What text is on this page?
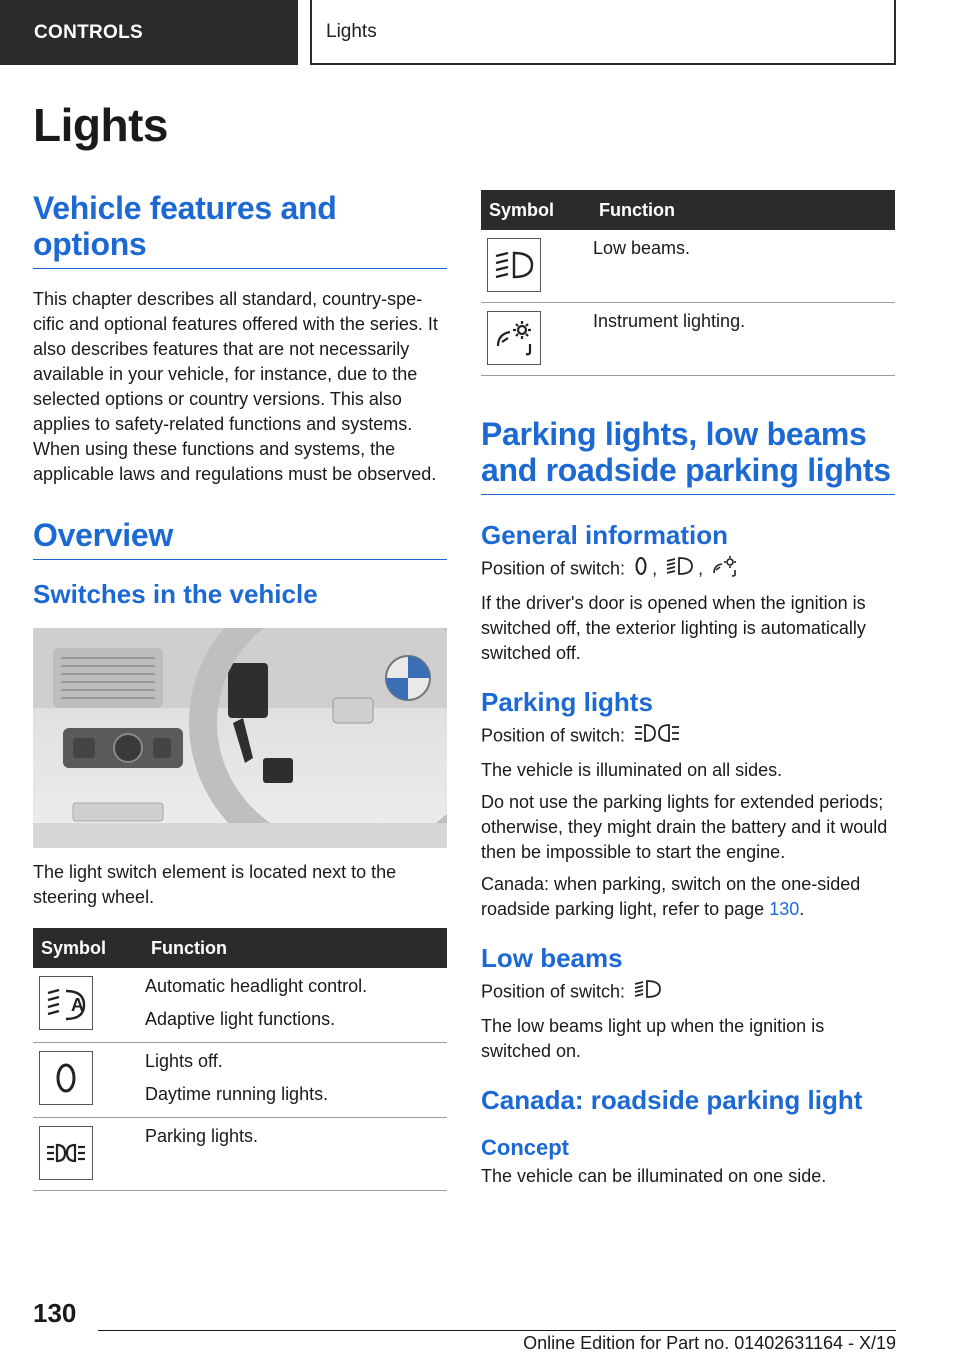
CONTROLS	Lights
Lights
Vehicle features and options

This chapter describes all standard, country-specific and optional features offered with the series. It also describes features that are not necessarily available in your vehicle, for instance, due to the selected options or country versions. This also applies to safety-related functions and systems. When using these functions and systems, the applicable laws and regulations must be observed.

Overview
Switches in the vehicle

The light switch element is located next to the steering wheel.

Symbol	Function

A	Automatic headlight control.
Adaptive light functions.

Lights off.
Daytime running lights.

Parking lights.
Symbol	Function

Low beams.

Instrument lighting.
Parking lights, low beams and roadside parking lights
General information

Position of switch: , ,

If the driver's door is opened when the ignition is switched off, the exterior lighting is automatically switched off.

Parking lights

Position of switch:

The vehicle is illuminated on all sides.

Do not use the parking lights for extended periods; otherwise, they might drain the battery and it would then be impossible to start the engine.

Canada: when parking, switch on the one-sided roadside parking light, refer to page 130.

Low beams

Position of switch:

The low beams light up when the ignition is switched on.

Canada: roadside parking light
Concept

The vehicle can be illuminated on one side.

130
Online Edition for Part no. 01402631164 - X/19
